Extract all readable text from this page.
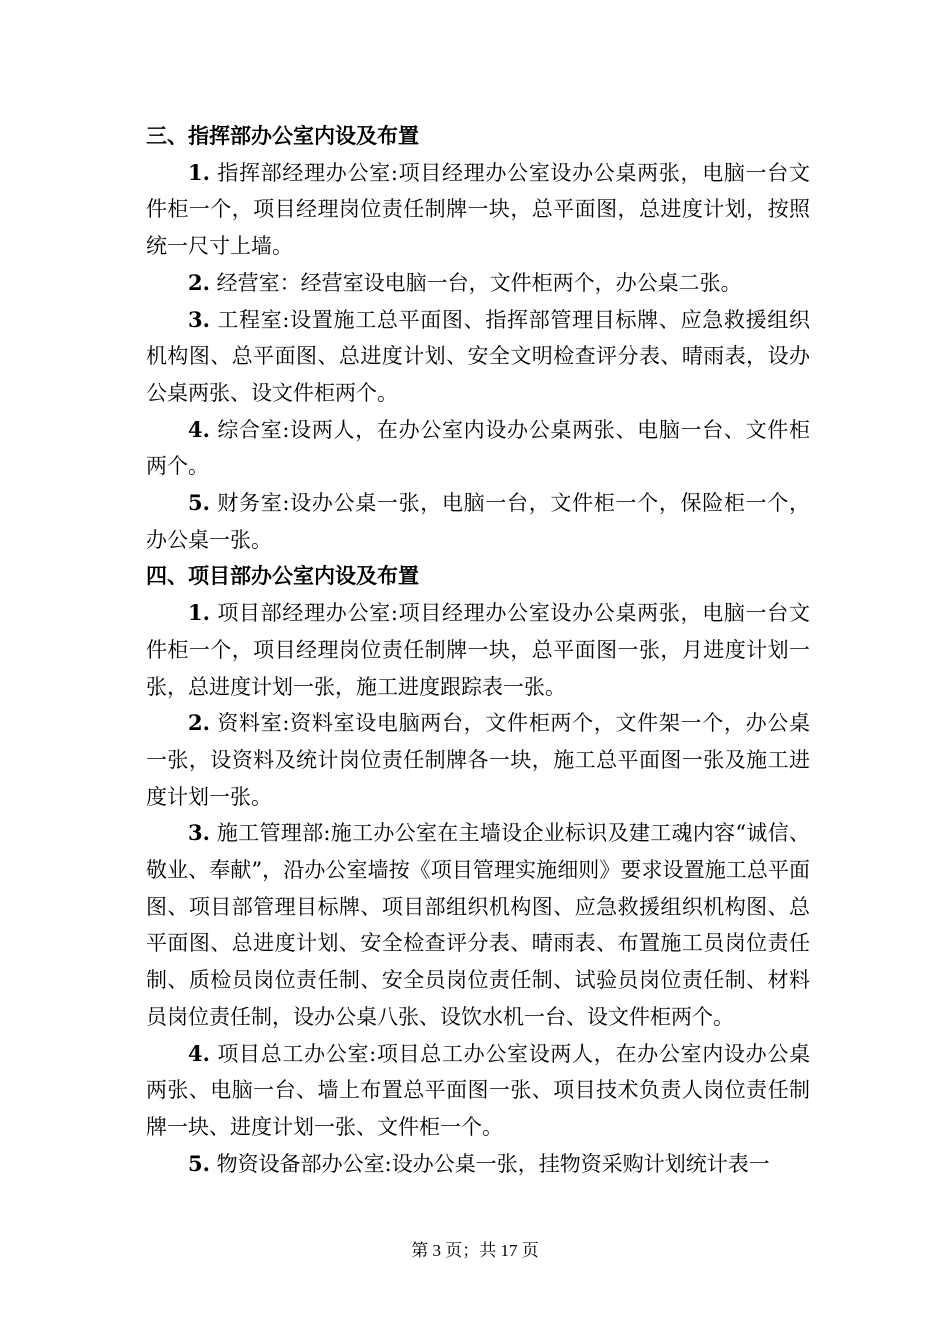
三、指挥部办公室内设及布置

1. 指挥部经理办公室:项目经理办公室设办公桌两张，电脑一台文件柜一个，项目经理岗位责任制牌一块，总平面图，总进度计划，按照统一尺寸上墙。

2. 经营室：经营室设电脑一台，文件柜两个，办公桌二张。

3. 工程室:设置施工总平面图、指挥部管理目标牌、应急救援组织机构图、总平面图、总进度计划、安全文明检查评分表、晴雨表，设办公桌两张、设文件柜两个。

4. 综合室:设两人，在办公室内设办公桌两张、电脑一台、文件柜两个。

5. 财务室:设办公桌一张，电脑一台，文件柜一个，保险柜一个，办公桌一张。

四、项目部办公室内设及布置

1. 项目部经理办公室:项目经理办公室设办公桌两张，电脑一台文件柜一个，项目经理岗位责任制牌一块，总平面图一张，月进度计划一张，总进度计划一张，施工进度跟踪表一张。

2. 资料室:资料室设电脑两台，文件柜两个，文件架一个，办公桌一张，设资料及统计岗位责任制牌各一块，施工总平面图一张及施工进度计划一张。

3. 施工管理部:施工办公室在主墙设企业标识及建工魂内容“诚信、敬业、奉献”，沿办公室墙按《项目管理实施细则》要求设置施工总平面图、项目部管理目标牌、项目部组织机构图、应急救援组织机构图、总平面图、总进度计划、安全检查评分表、晴雨表、布置施工员岗位责任制、质检员岗位责任制、安全员岗位责任制、试验员岗位责任制、材料员岗位责任制，设办公桌八张、设饮水机一台、设文件柜两个。

4. 项目总工办公室:项目总工办公室设两人，在办公室内设办公桌两张、电脑一台、墙上布置总平面图一张、项目技术负责人岗位责任制牌一块、进度计划一张、文件柜一个。

5. 物资设备部办公室:设办公桌一张，挂物资采购计划统计表一

第 3 页；共 17 页
